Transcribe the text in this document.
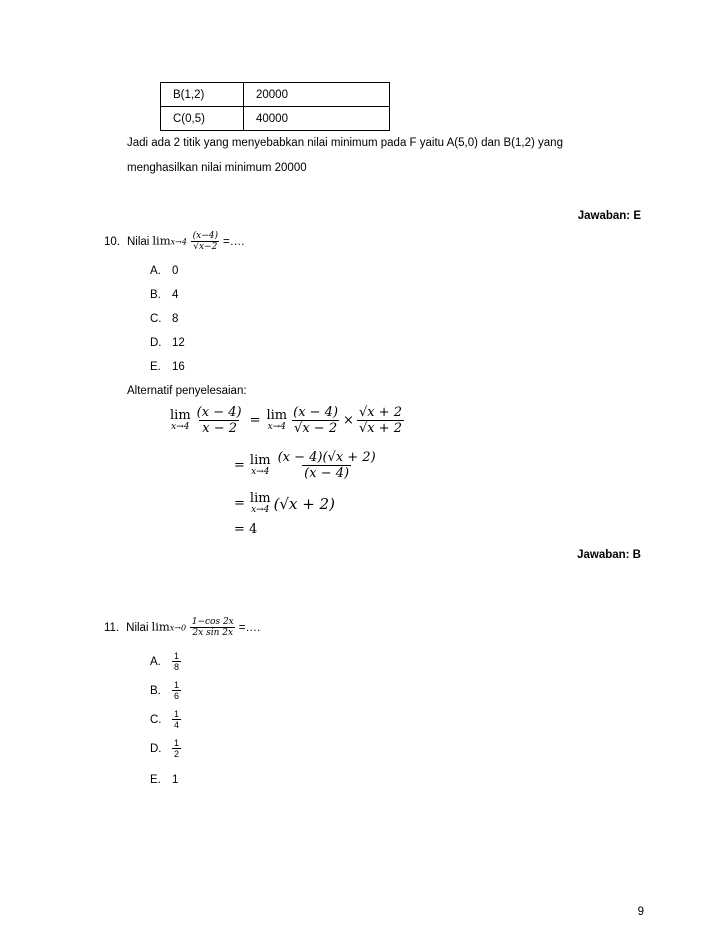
B(1,2)	20000
C(0,5)	40000
Jadi ada 2 titik yang menyebabkan nilai minimum pada F yaitu A(5,0) dan B(1,2) yang
menghasilkan nilai minimum 20000
Jawaban: E
10. Nilai lim𝑥→4 $\frac{\text{(𝑥−4)}}{\text{√𝑥−2}}$ =….
A. 0
B. 4
C. 8
D. 12
E. 16
Alternatif penyelesaian:
lim
𝑥→4 $\frac{\text{(𝑥 − 4)}}{\text{𝑥 − 2}} = \lim$
𝑥→4 $\frac{\text{(𝑥 − 4)}}{\text{√𝑥 − 2}} \times \frac{\text{√𝑥 + 2}}{\text{√𝑥 + 2}}$
= lim
𝑥→4 $\frac{\text{(𝑥 − 4)(√𝑥 + 2)}}{\text{(𝑥 − 4)}}$
= lim
𝑥→4 (√𝑥 + 2)
= 4
Jawaban: B
11. Nilai lim𝑥→0 $\frac{\text{1−cos 2𝑥}}{\text{2𝑥 sin 2𝑥}}$ =….
A.	$\frac{1}{8}$
B.	$\frac{1}{6}$
C.	$\frac{1}{4}$
D.	$\frac{1}{2}$
E. 1
9
